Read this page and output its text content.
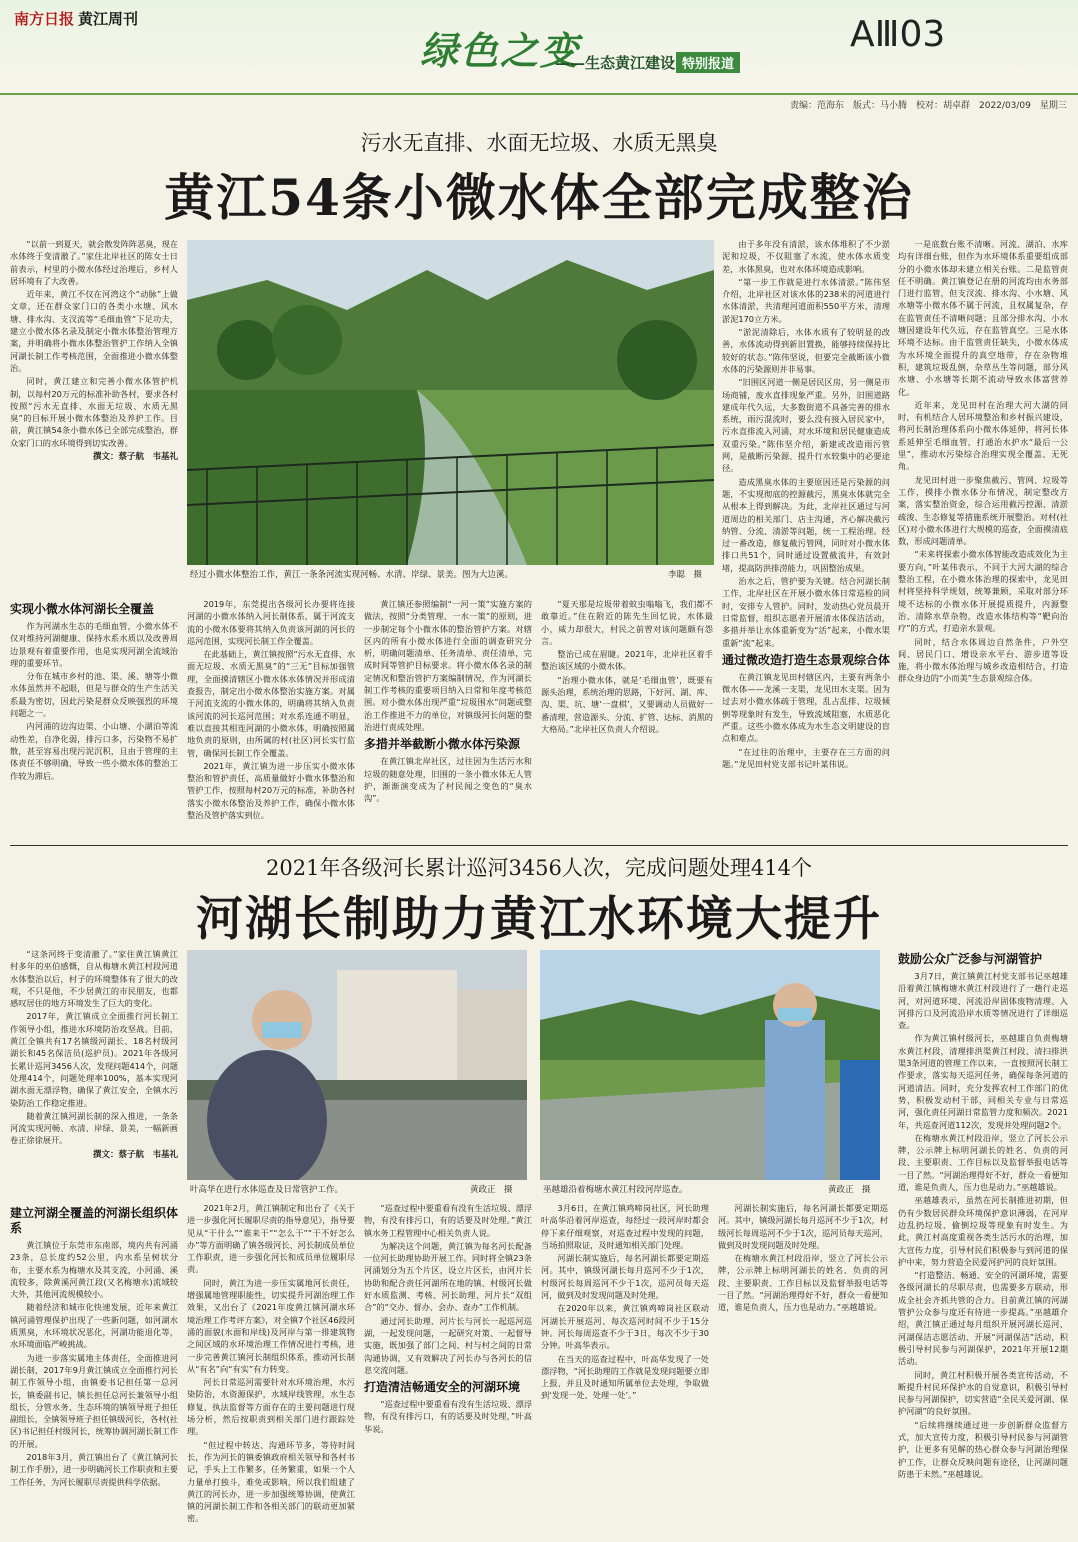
南方日报 黄江周刊
绿色之变
——生态黄江建设 特别报道
AⅢ03
责编：范海东　版式：马小腾　校对：胡卓群　2022/03/09　星期三
污水无直排、水面无垃圾、水质无黑臭
黄江54条小微水体全部完成整治

“以前一到夏天，就会散发阵阵恶臭，现在水体终于变清澈了。”家住北岸社区的陈女士日前表示，村里的小微水体经过治理后，乡村人居环境有了大改善。

近年来，黄江不仅在河湾这个“动脉”上做文章，还在群众家门口的各类小水塘、风水塘、排水沟、支汊流等“毛细血管”下足功夫，建立小微水体名录及制定小微水体整治管理方案，并明确将小微水体整治管护工作纳入全镇河湖长制工作考核范围，全面推进小微水体整治。

同时，黄江建立和完善小微水体管护机制，以每村20万元的标准补助各村，要求各村按照“污水无直排、水面无垃圾、水质无黑臭”的目标开展小微水体整治及养护工作。目前，黄江镇54条小微水体已全部完成整治，群众家门口的水环境得到切实改善。

撰文：蔡子航　韦基礼
经过小微水体整治工作，黄江一条条河流实现河畅、水清、岸绿、景美。图为大边溪。	李聪　摄

由于多年没有清淤，该水体堆积了不少淤泥和垃圾，不仅阻塞了水流，使水体水质变差，水体黑臭，也对水体环境造成影响。

“第一步工作就是进行水体清淤。”陈伟坚介绍，北岸社区对该水体的238米的河道进行水体清淤，共清理河道面积550平方米，清理淤泥170立方米。

“淤泥清除后，水体水质有了较明显的改善，水体流动得到新旧置换，能够持续保持比较好的状态。”陈伟坚说，但要完全截断该小微水体的污染源则并非易事。

“旧围区河道一侧是居民区房，另一侧是市场商铺，废水直排现象严重。另外，旧围道路建成年代久远，大多数街道不具备完善的排水系统，雨污混流时，要么没有接入居民家中，污水直排流入河涌，对水环境和居民健康造成双重污染。”陈伟坚介绍，新建或改造雨污管网，是截断污染源、提升行水较集中的必要途径。

造成黑臭水体的主要原因还是污染源的问题，不实现彻底的控源截污，黑臭水体就完全从根本上得到解决。为此，北岸社区通过与河道周边的相关部门、店主沟通，齐心解决截污纳管、分流、清淤等问题，统一工程治理。经过一番改造，修复截污管网，同时对小微水体排口共51个，同时通过设置截流井，有效封堵，提高防洪排涝能力，巩固整治成果。

治水之后，管护要为关键。结合河湖长制工作，北岸社区在开展小微水体日常巡检的同时，安排专人管护。同时，发动热心党员晨开日常监督，组织志愿者开展清水体保洁活动，多措并举让水体重新变为“活”起来，小微水渠重新“流”起来。

通过微改造打造生态景观综合体

在黄江镇龙见田村辖区内，主要有两条小微水体——龙溪一支渠，龙见田水支渠。因为过去对小微水体疏于管理，乱占乱排、垃圾倾倒等现象时有发生，导致流域阻塞，水质恶化严重。这些小微水体成为水生态文明建设的盲点和难点。

“在过往的治理中，主要存在三方面的问题。”龙见田村党支部书记叶某伟说。

一是底数台账不清晰。河流、湖泊、水库均有详细台账，但作为水环境体系重要组成部分的小微水体却未建立相关台账。二是监管责任不明确。黄江镇登记在册的河流均由水务部门进行监管，但支汊流、排水沟、小水塘、风水塘等小微水体不属于河流，且权属复杂，存在监管责任不清晰问题；且部分排水沟、小水塘因建设年代久远，存在监管真空。三是水体环境不达标。由于监管责任缺失，小微水体成为水环境全面提升的真空地带，存在杂物堆积，建筑垃圾乱倒，杂草丛生等问题，部分风水塘、小水塘等长期不流动导致水体富营养化。

近年来，龙见田村在治理大河大湖的同时，有机结合人居环境整治和乡村振兴建设，将河长制治理体系向小微水体延伸，将河长体系延伸至毛细血管，打通治水护水“最后一公里”，推动水污染综合治理实现全覆盖、无死角。

龙见田村进一步聚焦截污、管网、垃圾等工作，摸排小微水体分布情况，制定整改方案，落实整治资金，综合运用截污控源、清淤疏浚、生态修复等措施系统开展整治。对村(社区)对小微水体进行大规模的巡查，全面摸清底数，形成问题清单。

“未来将探索小微水体智能改造成效化为主要方向，”叶某伟表示，不同于大河大湖的综合整治工程，在小微水体治理的探索中，龙见田村将坚持科学规划，统筹兼顾，采取对部分环境不达标的小微水体开展提质提升，内源整治、清除水草杂物，改造水体结构等“靶向治疗”的方式，打造亲水景观。

同时，结合水体周边自然条件，户外空间、居民门口、增设亲水平台、游步道等设施，将小微水体治理与城乡改造相结合，打造群众身边的“小而美”生态景观综合体。

实现小微水体河湖长全覆盖

作为河湖水生态的毛细血管，小微水体不仅对维持河湖健康、保持水系水质以及改善周边景观有着重要作用，也是实现河湖全流域治理的重要环节。

分布在城市乡村的池、渠、溪、塘等小微水体虽然并不起眼，但是与群众的生产生活关系最为密切，因此污染是群众反映强烈的环境问题之一。

内河涌的边沟边渠、小山塘、小湖泊等流动性差，自净化弱，排污口多，污染物不易扩散，甚至容易出现污泥沉积，且由于管理的主体责任不够明确，导致一些小微水体的整治工作较为滞后。

2019年，东莞提出各级河长办要将连接河湖的小微水体纳入河长制体系，属于河流支流的小微水体要将其纳入负责该河湖的河长的巡河范围，实现河长制工作全覆盖。

在此基础上，黄江镇按照“污水无直排、水面无垃圾、水质无黑臭”的“三无”目标加强管理，全面摸清辖区小微水体水体情况并形成清查报告，制定出小微水体整治实施方案。对属于河流支流的小微水体的，明确将其纳入负责该河流的河长巡河范围；对水系连通不明显，难以直接其相连河湖的小微水体，明确按照属地负责的原则，由所属的村(社区)河长实行监管，确保河长制工作全覆盖。

2021年，黄江镇为进一步压实小微水体整治和管护责任，高质量做好小微水体整治和管护工作，按照每村20万元的标准，补助各村落实小微水体整治及养护工作，确保小微水体整治及管护落实到位。

黄江镇还参照编制“一河一策”实施方案的做法，按照“分类管理、一水一策”的原则，进一步制定每个小微水体的整治管护方案。对辖区内的所有小微水体进行全面的调查研究分析，明确问题清单、任务清单、责任清单，完成时间等管护目标要求。将小微水体名录的制定情况和整治管护方案编制情况，作为河湖长制工作考核的重要项目纳入日常和年度考核范围。对小微水体出现严重“垃圾围水”问题或整治工作推进不力的单位，对镇级河长问题的整治进行责成处理。

多措并举截断小微水体污染源

在黄江镇北岸社区，过往因为生活污水和垃圾的随意处理，旧围的一条小微水体无人管护，渐渐演变成为了村民闻之变色的“臭水沟”。

“夏天那是垃圾带着蚊虫嗡嗡飞，我们都不敢靠近。”住在附近的陈先生回忆说，水体最小，威力却很大，村民之前曾对该问题颇有怨言。

整治已成在眉睫。2021年，北岸社区着手整治该区域的小微水体。

“治理小微水体，就是‘毛细血管’，既要有源头治理，系统治理的思路，下好河、湖、库、沟、渠、坑、塘‘一盘棋’，又要调动人员做好一番清理，营造源头、分流、扩管、达标、消黑的大格局。”北岸社区负责人介绍说。

2021年各级河长累计巡河3456人次，完成问题处理414个
河湖长制助力黄江水环境大提升

“这条河终于变清澈了。”家住黄江镇黄江村多年的巫伯感慨，自从梅塘水黄江村段河道水体整治以后，村子的环境整体有了很大的改观，不只是他，不少居黄江的市民朋友，也都感叹居住的地方环境发生了巨大的变化。

2017年，黄江镇成立全面推行河长制工作领导小组，推进水环境防治攻坚战。目前，黄江全镇共有17名镇级河湖长、18名村级河湖长和45名保洁员(巡护员)。2021年各级河长累计巡河3456人次，发现问题414个，问题处理414个，问题处理率100%，基本实现河湖水面无漂浮物，确保了黄江安全，全镇水污染防治工作稳定推进。

随着黄江镇河湖长制的深入推进，一条条河流实现河畅、水清、岸绿、景美，一幅新画卷正徐徐展开。

撰文：蔡子航　韦基礼
叶高华在进行水体巡查及日常管护工作。	黄政正　摄	巫越雄沿着梅塘水黄江村段河岸巡查。	黄政正　摄
鼓励公众广泛参与河湖管护

3月7日，黄江镇黄江村党支部书记巫越雄沿着黄江镇梅塘水黄江村段进行了一趟行走巡河，对河道环境、河流沿岸固体废物清理、入河排污口及河流沿岸水质等情况进行了详细巡查。

作为黄江镇村级河长，巫越雄自负责梅塘水黄江村段，清理排洪渠黄江村段、清扫排洪渠3条河道的管理工作以来，一直按照河长制工作要求，落实每天巡河任务，确保每条河道的河道清洁。同时，充分发挥农村工作部门的优势，积极发动村干部，同相关专业与日常巡河，强化责任河湖日常监管力度和频次。2021年，共巡查河道112次，发现并处理问题2个。

在梅塘水黄江村段沿岸，竖立了河长公示牌，公示牌上标明河湖长的姓名、负责的河段、主要职责、工作目标以及监督举报电话等一目了然。“河湖治理得好不好，群众一看便知道，谁是负责人，压力也是动力。”巫越雄说。

巫越雄表示，虽然在河长制推进初期，但仍有少数居民群众环境保护意识薄弱，在河岸边乱扔垃圾、偷倒垃圾等现象有时发生。为此，黄江村高度重视各类生活污水的治理，加大宣传力度，引导村民们积极参与到河道的保护中来，努力营造全民爱河护河的良好氛围。

“打造整洁、畅通、安全的河湖环境，需要各级河湖长的尽职尽责，也需要多方联动，形成全社会齐抓共管的合力。目前黄江镇的河湖管护公众参与度还有待进一步提高。”巫越雄介绍，黄江镇正通过每月组织开展河湖长巡河、河湖保洁志愿活动、开展“河湖保洁”活动，积极引导村民参与河湖保护，2021年开展12期活动。

同时，黄江村积极开展各类宣传活动，不断提升村民环保护水的自觉意识，积极引导村民参与河湖保护，切实营造“全民关爱河湖、保护河湖”的良好氛围。

“后续将继续通过进一步创新群众监督方式，加大宣传力度，积极引导村民参与河湖管护，让更多有见解的热心群众参与河湖治理保护工作，让群众反映问题有途径，让河湖问题防患于未然。”巫越雄说。

建立河湖全覆盖的河湖长组织体系

黄江镇位于东莞市东南部，境内共有河涌23条，总长度约52公里，内水系呈树状分布，主要水系为梅塘水及其支流，小河涌、溪流较多，除黄溪河黄江段(又名梅塘水)流域较大外，其他河流规模较小。

随着经济和城市化快速发展，近年来黄江镇河涌管理保护出现了一些新问题，如河湖水质黑臭，水环境状况恶化，河湖功能退化等，水环境面临严峻挑战。

为进一步落实属地主体责任，全面推进河湖长制，2017年9月黄江镇成立全面推行河长制工作领导小组，由镇委书记担任第一总河长，镇委副书记、镇长担任总河长兼领导小组组长，分管水务、生态环境的镇领导班子担任副组长，全镇领导班子担任镇级河长，各村(社区)书记担任村级河长，统筹协调河湖长制工作的开展。

2018年3月，黄江镇出台了《黄江镇河长制工作手册》，进一步明确河长工作职责和主要工作任务，为河长履职尽责提供科学依据。

2021年2月，黄江镇制定和出台了《关于进一步强化河长履职尽责的指导意见》，指导要见从“干什么”“谁来干”“怎么干”“干不好怎么办”等方面明确了镇各级河长、河长制成员单位工作职责，进一步强化河长和成员单位履职尽责。

同时，黄江为进一步压实属地河长责任，增强属地管理职能性，切实提升河湖治理工作效果，又出台了《2021年度黄江镇河湖水环境治理工作考评方案》，对全镇7个社区46段河涌的面貌(水面和岸线)及河岸与第一排建筑物之间区域的水环境治理工作情况进行考核，进一步完善黄江镇河长制组织体系，推动河长制从“有名”向“有实”有力转变。

河长日常巡河需要针对水环境治理，水污染防治，水资源保护，水域岸线管理，水生态修复，执法监督等方面存在的主要问题进行现场分析，然后按职责到相关部门进行跟踪处理。

“但过程中转达、沟通环节多，等待时间长，作为河长的镇委镇政府相关领导和各村书记，手头上工作繁多，任务繁重，如果一个人力量单打独斗，难免或影响，所以我们组建了黄江的河长办，进一步加强统筹协调，使黄江镇的河湖长制工作和各相关部门的联动更加紧密。

“巡查过程中要重看有没有生活垃圾、漂浮物，有没有排污口，有的话要及时处理。”黄江镇水务工程管理中心相关负责人说。

为解决这个问题，黄江镇为每名河长配备一位河长助理协助开展工作。同时将全镇23条河涌划分为五个片区，设立片区长，由河片长协助和配合责任河湖所在地的镇、村级河长做好水质监测、考核、河长助理、河片长“双组合”的“交办、督办、会办、查办”工作机制。

通过河长助理、河片长与河长一起巡河巡湖，一起发现问题，一起研究对策、一起督导实施，既加强了部门之间、村与村之间的日常沟通协调，又有效解决了河长办与各河长的信息交流问题。

打造清洁畅通安全的河湖环境

“巡查过程中要重看有没有生活垃圾、漂浮物，有没有排污口，有的话要及时处理，”叶高华说。

3月6日，在黄江镇鸡啼岗社区，河长助理叶高华沿着河岸巡查，每经过一段河岸时都会停下来仔细观察，对巡查过程中发现的问题，当场拍照取证，及时通知相关部门处理。

河湖长制实施后，每名河湖长都要定期巡河。其中，镇级河湖长每月巡河不少于1次，村级河长每周巡河不少于1次，巡河员每天巡河，做到及时发现问题及时处理。

在2020年以来，黄江镇鸡啼岗社区联动河湖长开展巡河、每次巡河时间不少于15分钟。河长每周巡查不少于3日，每次不少于30分钟。叶高华表示。

在当天的巡查过程中，叶高华发现了一处漂浮物，“河长助理的工作就是发现问题要立即上报，并且及时通知所属单位去处理，争取做到‘发现一处、处理一处’。”

河湖长制实施后，每名河湖长都要定期巡河。其中，镇级河湖长每月巡河不少于1次，村级河长每周巡河不少于1次，巡河员每天巡河，做到及时发现问题及时处理。

在梅塘水黄江村段沿岸，竖立了河长公示牌，公示牌上标明河湖长的姓名、负责的河段、主要职责、工作目标以及监督举报电话等一目了然。“河湖治理得好不好，群众一看便知道，谁是负责人，压力也是动力。”巫越雄说。
